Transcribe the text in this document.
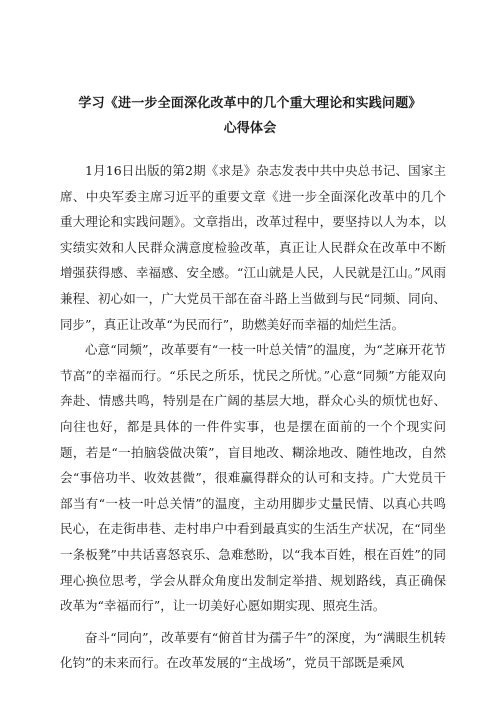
学习《进一步全面深化改革中的几个重大理论和实践问题》
心得体会

1月16日出版的第2期《求是》杂志发表中共中央总书记、国家主席、中央军委主席习近平的重要文章《进一步全面深化改革中的几个重大理论和实践问题》。文章指出，改革过程中，要坚持以人为本，以实绩实效和人民群众满意度检验改革，真正让人民群众在改革中不断增强获得感、幸福感、安全感。“江山就是人民，人民就是江山。”风雨兼程、初心如一，广大党员干部在奋斗路上当做到与民“同频、同向、同步”，真正让改革“为民而行”，助燃美好而幸福的灿烂生活。

心意“同频”，改革要有“一枝一叶总关情”的温度，为“芝麻开花节节高”的幸福而行。“乐民之所乐，忧民之所忧。”心意“同频”方能双向奔赴、情感共鸣，特别是在广阔的基层大地，群众心头的烦忧也好、向往也好，都是具体的一件件实事，也是摆在面前的一个个现实问题，若是“一拍脑袋做决策”，盲目地改、糊涂地改、随性地改，自然会“事倍功半、收效甚微”，很难赢得群众的认可和支持。广大党员干部当有“一枝一叶总关情”的温度，主动用脚步丈量民情、以真心共鸣民心，在走街串巷、走村串户中看到最真实的生活生产状况，在“同坐一条板凳”中共话喜怒哀乐、急难愁盼，以“我本百姓，根在百姓”的同理心换位思考，学会从群众角度出发制定举措、规划路线，真正确保改革为“幸福而行”，让一切美好心愿如期实现、照亮生活。

奋斗“同向”，改革要有“俯首甘为孺子牛”的深度，为“满眼生机转化钧”的未来而行。在改革发展的“主战场”，党员干部既是乘风
